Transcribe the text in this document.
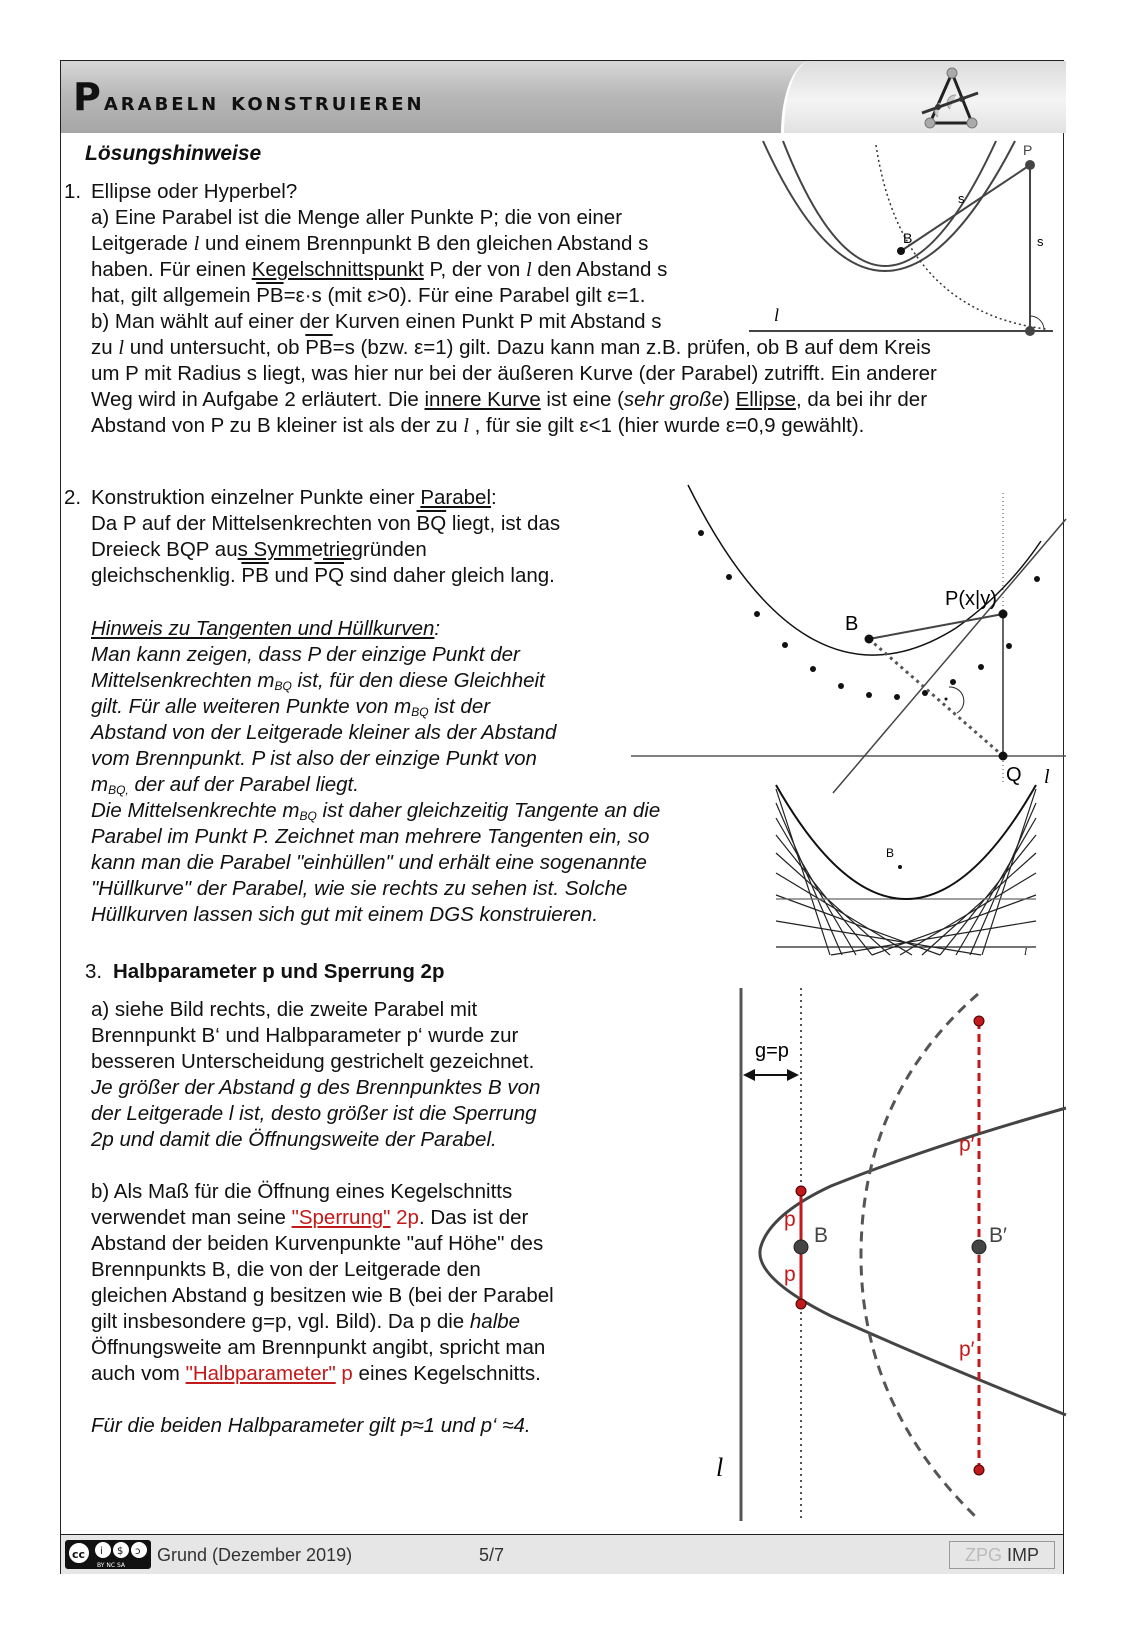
Parabeln konstruieren
Lösungshinweise
1. Ellipse oder Hyperbel?
a) Eine Parabel ist die Menge aller Punkte P; die von einer
Leitgerade l und einem Brennpunkt B den gleichen Abstand s
haben. Für einen Kegelschnittspunkt P, der von l den Abstand s
hat, gilt allgemein $\overline{PB}=\varepsilon\cdot s$ (mit ε>0). Für eine Parabel gilt ε=1.
b) Man wählt auf einer der Kurven einen Punkt P mit Abstand s
zu l und untersucht, ob $\overline{PB}=s$ (bzw. ε=1) gilt. Dazu kann man z.B. prüfen, ob B auf dem Kreis
um P mit Radius s liegt, was hier nur bei der äußeren Kurve (der Parabel) zutrifft. Ein anderer
Weg wird in Aufgabe 2 erläutert. Die innere Kurve ist eine (sehr große) Ellipse, da bei ihr der
Abstand von P zu B kleiner ist als der zu l , für sie gilt ε<1 (hier wurde ε=0,9 gewählt).
P
B
s
s
l
2. Konstruktion einzelner Punkte einer Parabel:
Da P auf der Mittelsenkrechten von $\overline{BQ}$ liegt, ist das
Dreieck BQP aus Symmetriegründen
gleichschenklig. $\overline{PB}$ und $\overline{PQ}$ sind daher gleich lang.
Hinweis zu Tangenten und Hüllkurven:
Man kann zeigen, dass P der einzige Punkt der
Mittelsenkrechten $m_{BQ}$ ist, für den diese Gleichheit
gilt. Für alle weiteren Punkte von $m_{BQ}$ ist der
Abstand von der Leitgerade kleiner als der Abstand
vom Brennpunkt. P ist also der einzige Punkt von
$m_{BQ,}$ der auf der Parabel liegt.
Die Mittelsenkrechte $m_{BQ}$ ist daher gleichzeitig Tangente an die
Parabel im Punkt P. Zeichnet man mehrere Tangenten ein, so
kann man die Parabel "einhüllen" und erhält eine sogenannte
"Hüllkurve" der Parabel, wie sie rechts zu sehen ist. Solche
Hüllkurven lassen sich gut mit einem DGS konstruieren.
P(x|y)
B
Q l
B
l
3. Halbparameter p und Sperrung 2p
a) siehe Bild rechts, die zweite Parabel mit
Brennpunkt B‘ und Halbparameter p‘ wurde zur
besseren Unterscheidung gestrichelt gezeichnet.
Je größer der Abstand g des Brennpunktes B von
der Leitgerade l ist, desto größer ist die Sperrung
2p und damit die Öffnungsweite der Parabel.
b) Als Maß für die Öffnung eines Kegelschnitts
verwendet man seine "Sperrung" 2p. Das ist der
Abstand der beiden Kurvenpunkte "auf Höhe" des
Brennpunkts B, die von der Leitgerade den
gleichen Abstand g besitzen wie B (bei der Parabel
gilt insbesondere g=p, vgl. Bild). Da p die halbe
Öffnungsweite am Brennpunkt angibt, spricht man
auch vom "Halbparameter" p eines Kegelschnitts.
Für die beiden Halbparameter gilt p≈1 und p‘ ≈4.
g=p
p
p
B	B′
p′
p′
l
cc i $ ɔ
BY NC SA
Grund (Dezember 2019)	5/7	ZPG IMP
